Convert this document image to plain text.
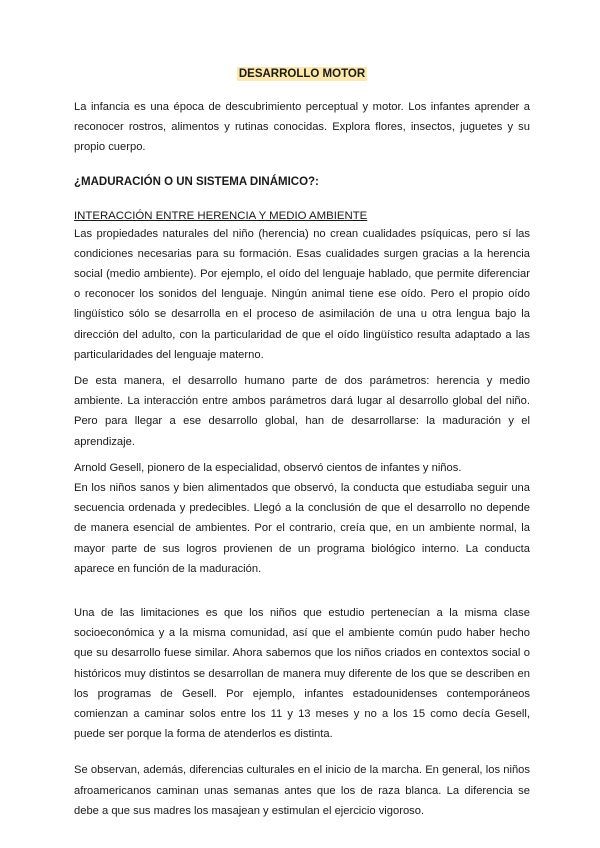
DESARROLLO MOTOR

La infancia es una época de descubrimiento perceptual y motor. Los infantes aprender a reconocer rostros, alimentos y rutinas conocidas. Explora flores, insectos, juguetes y su propio cuerpo.

¿MADURACIÓN O UN SISTEMA DINÁMICO?:
INTERACCIÓN ENTRE HERENCIA Y MEDIO AMBIENTE

Las propiedades naturales del niño (herencia) no crean cualidades psíquicas, pero sí las condiciones necesarias para su formación. Esas cualidades surgen gracias a la herencia social (medio ambiente). Por ejemplo, el oído del lenguaje hablado, que permite diferenciar o reconocer los sonidos del lenguaje. Ningún animal tiene ese oído. Pero el propio oído lingüístico sólo se desarrolla en el proceso de asimilación de una u otra lengua bajo la dirección del adulto, con la particularidad de que el oído lingüístico resulta adaptado a las particularidades del lenguaje materno.

De esta manera, el desarrollo humano parte de dos parámetros: herencia y medio ambiente. La interacción entre ambos parámetros dará lugar al desarrollo global del niño. Pero para llegar a ese desarrollo global, han de desarrollarse: la maduración y el aprendizaje.

Arnold Gesell, pionero de la especialidad, observó cientos de infantes y niños.

En los niños sanos y bien alimentados que observó, la conducta que estudiaba seguir una secuencia ordenada y predecibles. Llegó a la conclusión de que el desarrollo no depende de manera esencial de ambientes. Por el contrario, creía que, en un ambiente normal, la mayor parte de sus logros provienen de un programa biológico interno. La conducta aparece en función de la maduración.

Una de las limitaciones es que los niños que estudio pertenecían a la misma clase socioeconómica y a la misma comunidad, así que el ambiente común pudo haber hecho que su desarrollo fuese similar. Ahora sabemos que los niños criados en contextos social o históricos muy distintos se desarrollan de manera muy diferente de los que se describen en los programas de Gesell. Por ejemplo, infantes estadounidenses contemporáneos comienzan a caminar solos entre los 11 y 13 meses y no a los 15 como decía Gesell, puede ser porque la forma de atenderlos es distinta.

Se observan, además, diferencias culturales en el inicio de la marcha. En general, los niños afroamericanos caminan unas semanas antes que los de raza blanca. La diferencia se debe a que sus madres los masajean y estimulan el ejercicio vigoroso.
